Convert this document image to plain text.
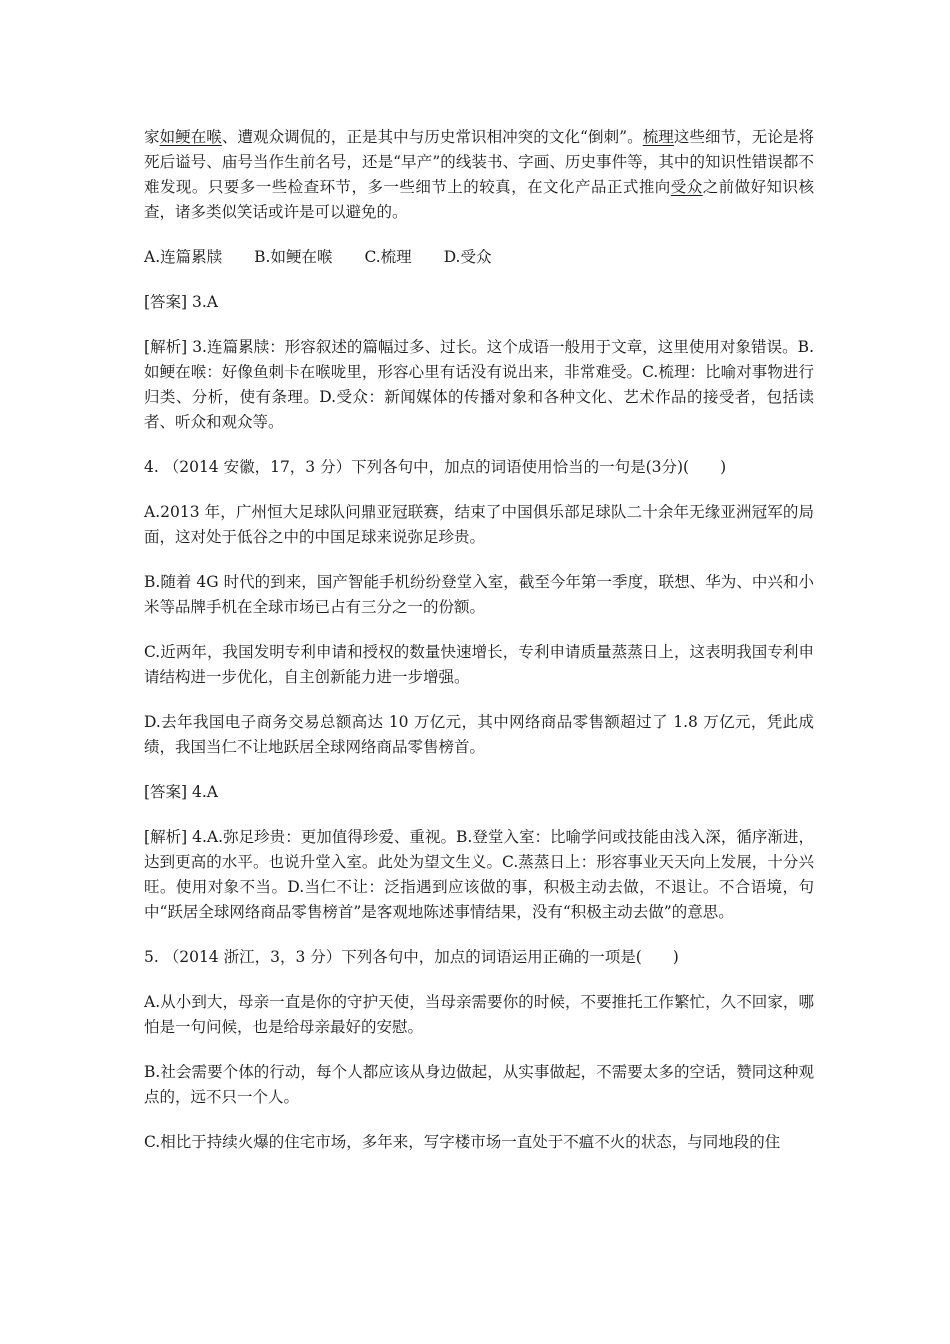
家如鲠在喉、遭观众调侃的，正是其中与历史常识相冲突的文化“倒刺”。梳理这些细节，无论是将死后谥号、庙号当作生前名号，还是“早产”的线装书、字画、历史事件等，其中的知识性错误都不难发现。只要多一些检查环节，多一些细节上的较真，在文化产品正式推向受众之前做好知识核查，诸多类似笑话或许是可以避免的。

A.连篇累牍 B.如鲠在喉 C.梳理 D.受众

[答案] 3.A

[解析] 3.连篇累牍：形容叙述的篇幅过多、过长。这个成语一般用于文章，这里使用对象错误。B.如鲠在喉：好像鱼刺卡在喉咙里，形容心里有话没有说出来，非常难受。C.梳理：比喻对事物进行归类、分析，使有条理。D.受众：新闻媒体的传播对象和各种文化、艺术作品的接受者，包括读者、听众和观众等。

4. （2014 安徽，17，3 分）下列各句中，加点的词语使用恰当的一句是(3分)(　　)

A.2013 年，广州恒大足球队问鼎亚冠联赛，结束了中国俱乐部足球队二十余年无缘亚洲冠军的局面，这对处于低谷之中的中国足球来说弥足珍贵。

B.随着 4G 时代的到来，国产智能手机纷纷登堂入室，截至今年第一季度，联想、华为、中兴和小米等品牌手机在全球市场已占有三分之一的份额。

C.近两年，我国发明专利申请和授权的数量快速增长，专利申请质量蒸蒸日上，这表明我国专利申请结构进一步优化，自主创新能力进一步增强。

D.去年我国电子商务交易总额高达 10 万亿元，其中网络商品零售额超过了 1.8 万亿元，凭此成绩，我国当仁不让地跃居全球网络商品零售榜首。

[答案] 4.A

[解析] 4.A.弥足珍贵：更加值得珍爱、重视。B.登堂入室：比喻学问或技能由浅入深，循序渐进，达到更高的水平。也说升堂入室。此处为望文生义。C.蒸蒸日上：形容事业天天向上发展，十分兴旺。使用对象不当。D.当仁不让：泛指遇到应该做的事，积极主动去做，不退让。不合语境，句中“跃居全球网络商品零售榜首”是客观地陈述事情结果，没有“积极主动去做”的意思。

5. （2014 浙江，3，3 分）下列各句中，加点的词语运用正确的一项是(　　)

A.从小到大，母亲一直是你的守护天使，当母亲需要你的时候，不要推托工作繁忙，久不回家，哪怕是一句问候，也是给母亲最好的安慰。

B.社会需要个体的行动，每个人都应该从身边做起，从实事做起，不需要太多的空话，赞同这种观点的，远不只一个人。

C.相比于持续火爆的住宅市场，多年来，写字楼市场一直处于不瘟不火的状态，与同地段的住
